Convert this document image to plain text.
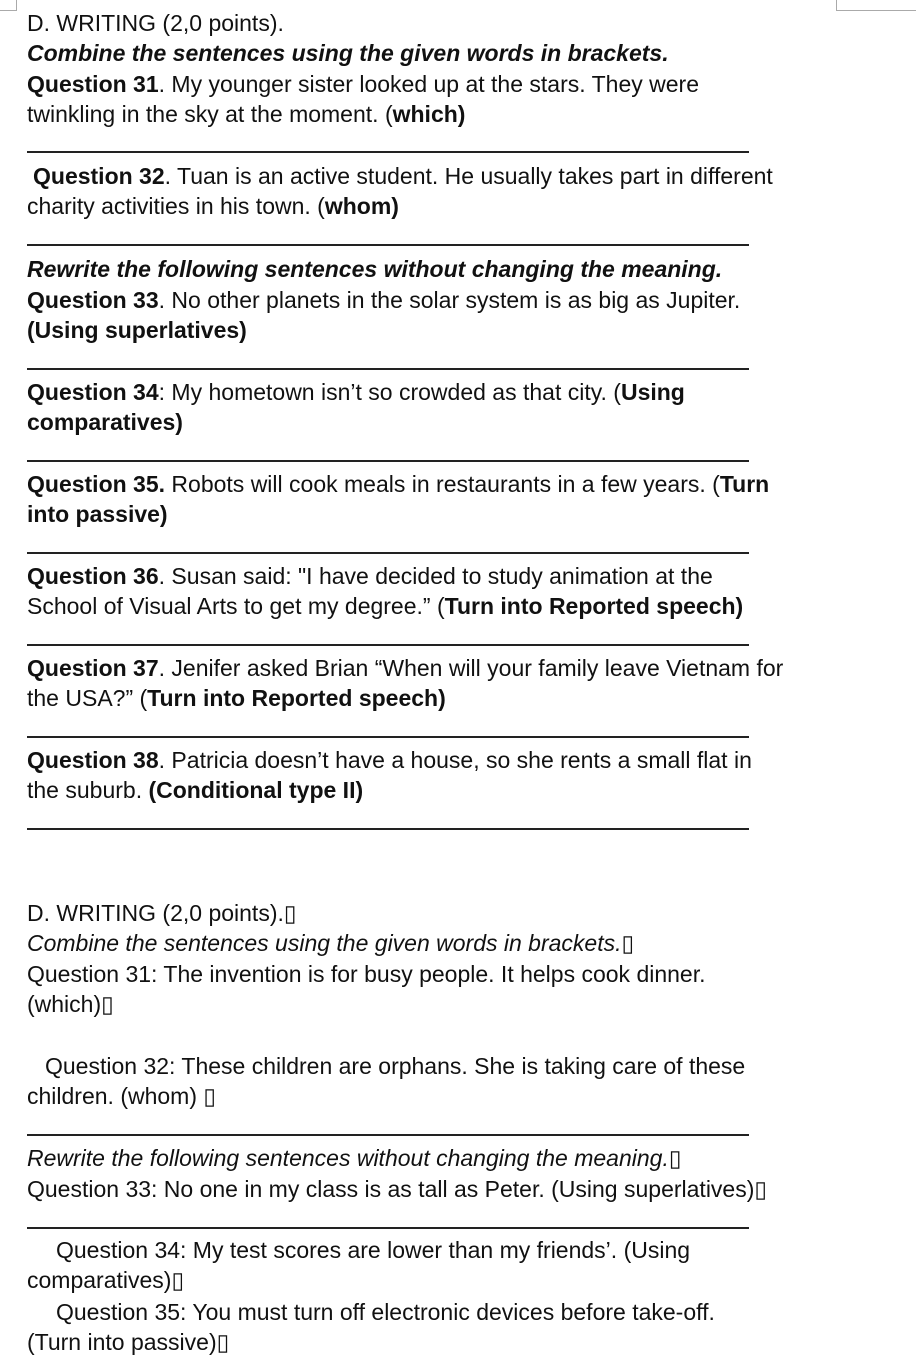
D. WRITING (2,0 points).
Combine the sentences using the given words in brackets.
Question 31. My younger sister looked up at the stars. They were
twinkling in the sky at the moment. (which)
Question 32. Tuan is an active student. He usually takes part in different
charity activities in his town. (whom)
Rewrite the following sentences without changing the meaning.
Question 33. No other planets in the solar system is as big as Jupiter.
(Using superlatives)
Question 34: My hometown isn’t so crowded as that city. (Using
comparatives)
Question 35. Robots will cook meals in restaurants in a few years. (Turn
into passive)
Question 36. Susan said: "I have decided to study animation at the
School of Visual Arts to get my degree.” (Turn into Reported speech)
Question 37. Jenifer asked Brian “When will your family leave Vietnam for
the USA?” (Turn into Reported speech)
Question 38. Patricia doesn’t have a house, so she rents a small flat in
the suburb. (Conditional type II)
D. WRITING (2,0 points).▯
Combine the sentences using the given words in brackets.▯
Question 31: The invention is for busy people. It helps cook dinner.
(which)▯
Question 32: These children are orphans. She is taking care of these
children. (whom) ▯
Rewrite the following sentences without changing the meaning.▯
Question 33: No one in my class is as tall as Peter. (Using superlatives)▯
Question 34: My test scores are lower than my friends’. (Using
comparatives)▯
Question 35: You must turn off electronic devices before take-off.
(Turn into passive)▯
